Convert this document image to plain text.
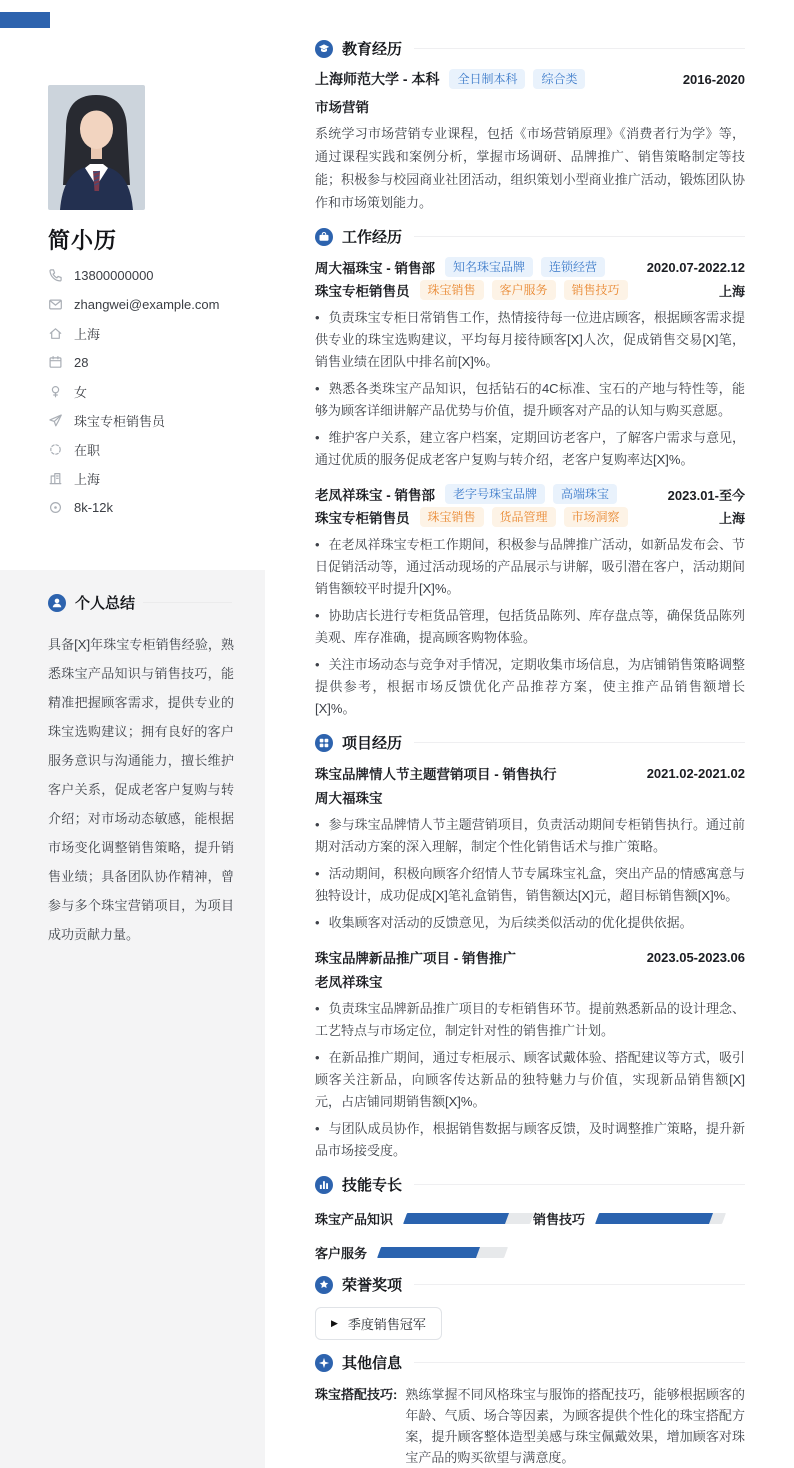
简小历
13800000000
zhangwei@example.com
上海
28
女
珠宝专柜销售员
在职
上海
8k-12k
个人总结

具备[X]年珠宝专柜销售经验，熟悉珠宝产品知识与销售技巧，能精准把握顾客需求，提供专业的珠宝选购建议；拥有良好的客户服务意识与沟通能力，擅长维护客户关系，促成老客户复购与转介绍；对市场动态敏感，能根据市场变化调整销售策略，提升销售业绩；具备团队协作精神，曾参与多个珠宝营销项目，为项目成功贡献力量。

教育经历
上海师范大学 - 本科	全日制本科	综合类	2016-2020
市场营销

系统学习市场营销专业课程，包括《市场营销原理》《消费者行为学》等，通过课程实践和案例分析，掌握市场调研、品牌推广、销售策略制定等技能；积极参与校园商业社团活动，组织策划小型商业推广活动，锻炼团队协作和市场策划能力。

工作经历
周大福珠宝 - 销售部	知名珠宝品牌	连锁经营	2020.07-2022.12
珠宝专柜销售员	珠宝销售	客户服务	销售技巧	上海

• 负责珠宝专柜日常销售工作，热情接待每一位进店顾客，根据顾客需求提供专业的珠宝选购建议，平均每月接待顾客[X]人次，促成销售交易[X]笔，销售业绩在团队中排名前[X]%。

• 熟悉各类珠宝产品知识，包括钻石的4C标准、宝石的产地与特性等，能够为顾客详细讲解产品优势与价值，提升顾客对产品的认知与购买意愿。

• 维护客户关系，建立客户档案，定期回访老客户，了解客户需求与意见，通过优质的服务促成老客户复购与转介绍，老客户复购率达[X]%。

老凤祥珠宝 - 销售部	老字号珠宝品牌	高端珠宝	2023.01-至今
珠宝专柜销售员	珠宝销售	货品管理	市场洞察	上海

• 在老凤祥珠宝专柜工作期间，积极参与品牌推广活动，如新品发布会、节日促销活动等，通过活动现场的产品展示与讲解，吸引潜在客户，活动期间销售额较平时提升[X]%。

• 协助店长进行专柜货品管理，包括货品陈列、库存盘点等，确保货品陈列美观、库存准确，提高顾客购物体验。

• 关注市场动态与竞争对手情况，定期收集市场信息，为店铺销售策略调整提供参考，根据市场反馈优化产品推荐方案，使主推产品销售额增长[X]%。

项目经历
珠宝品牌情人节主题营销项目 - 销售执行	2021.02-2021.02
周大福珠宝

• 参与珠宝品牌情人节主题营销项目，负责活动期间专柜销售执行。通过前期对活动方案的深入理解，制定个性化销售话术与推广策略。

• 活动期间，积极向顾客介绍情人节专属珠宝礼盒，突出产品的情感寓意与独特设计，成功促成[X]笔礼盒销售，销售额达[X]元，超目标销售额[X]%。

• 收集顾客对活动的反馈意见，为后续类似活动的优化提供依据。

珠宝品牌新品推广项目 - 销售推广	2023.05-2023.06
老凤祥珠宝

• 负责珠宝品牌新品推广项目的专柜销售环节。提前熟悉新品的设计理念、工艺特点与市场定位，制定针对性的销售推广计划。

• 在新品推广期间，通过专柜展示、顾客试戴体验、搭配建议等方式，吸引顾客关注新品，向顾客传达新品的独特魅力与价值，实现新品销售额[X]元，占店铺同期销售额[X]%。

• 与团队成员协作，根据销售数据与顾客反馈，及时调整推广策略，提升新品市场接受度。

技能专长
珠宝产品知识	销售技巧
客户服务
荣誉奖项
▶ 季度销售冠军
其他信息
珠宝搭配技巧: 熟练掌握不同风格珠宝与服饰的搭配技巧，能够根据顾客的年龄、气质、场合等因素，为顾客提供个性化的珠宝搭配方案，提升顾客整体造型美感与珠宝佩戴效果，增加顾客对珠宝产品的购买欲望与满意度。
